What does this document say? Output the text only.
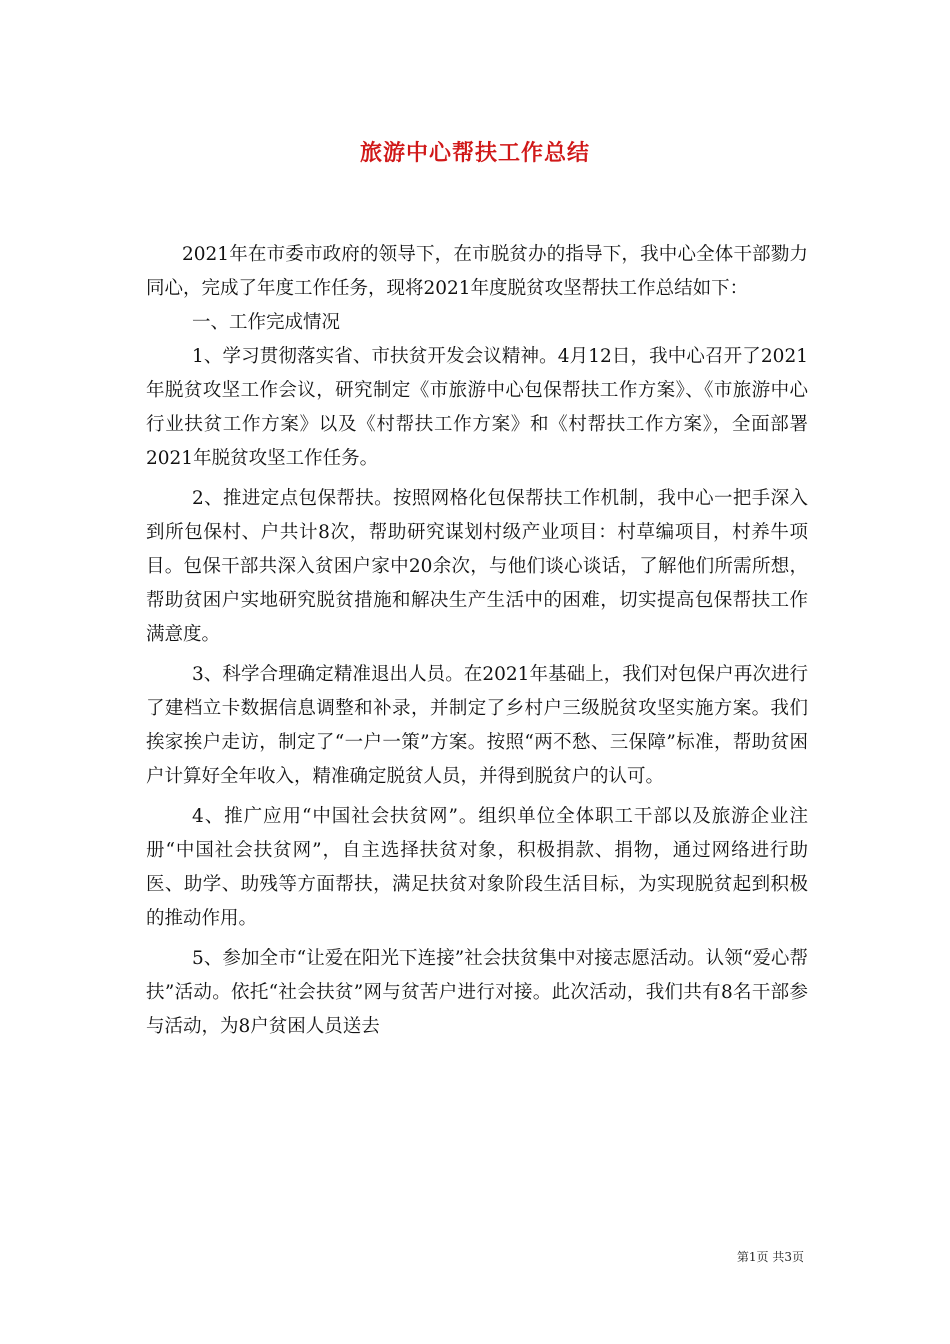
旅游中心帮扶工作总结

2021年在市委市政府的领导下，在市脱贫办的指导下，我中心全体干部勠力同心，完成了年度工作任务，现将2021年度脱贫攻坚帮扶工作总结如下：

一、工作完成情况

1、学习贯彻落实省、市扶贫开发会议精神。4月12日，我中心召开了2021年脱贫攻坚工作会议，研究制定《市旅游中心包保帮扶工作方案》、《市旅游中心行业扶贫工作方案》以及《村帮扶工作方案》和《村帮扶工作方案》，全面部署2021年脱贫攻坚工作任务。

2、推进定点包保帮扶。按照网格化包保帮扶工作机制，我中心一把手深入到所包保村、户共计8次，帮助研究谋划村级产业项目：村草编项目，村养牛项目。包保干部共深入贫困户家中20余次，与他们谈心谈话，了解他们所需所想，帮助贫困户实地研究脱贫措施和解决生产生活中的困难，切实提高包保帮扶工作满意度。

3、科学合理确定精准退出人员。在2021年基础上，我们对包保户再次进行了建档立卡数据信息调整和补录，并制定了乡村户三级脱贫攻坚实施方案。我们挨家挨户走访，制定了“一户一策”方案。按照“两不愁、三保障”标准，帮助贫困户计算好全年收入，精准确定脱贫人员，并得到脱贫户的认可。

4、推广应用“中国社会扶贫网”。组织单位全体职工干部以及旅游企业注册“中国社会扶贫网”，自主选择扶贫对象，积极捐款、捐物，通过网络进行助医、助学、助残等方面帮扶，满足扶贫对象阶段生活目标，为实现脱贫起到积极的推动作用。

5、参加全市“让爱在阳光下连接”社会扶贫集中对接志愿活动。认领“爱心帮扶”活动。依托“社会扶贫”网与贫苦户进行对接。此次活动，我们共有8名干部参与活动，为8户贫困人员送去

第1页 共3页
